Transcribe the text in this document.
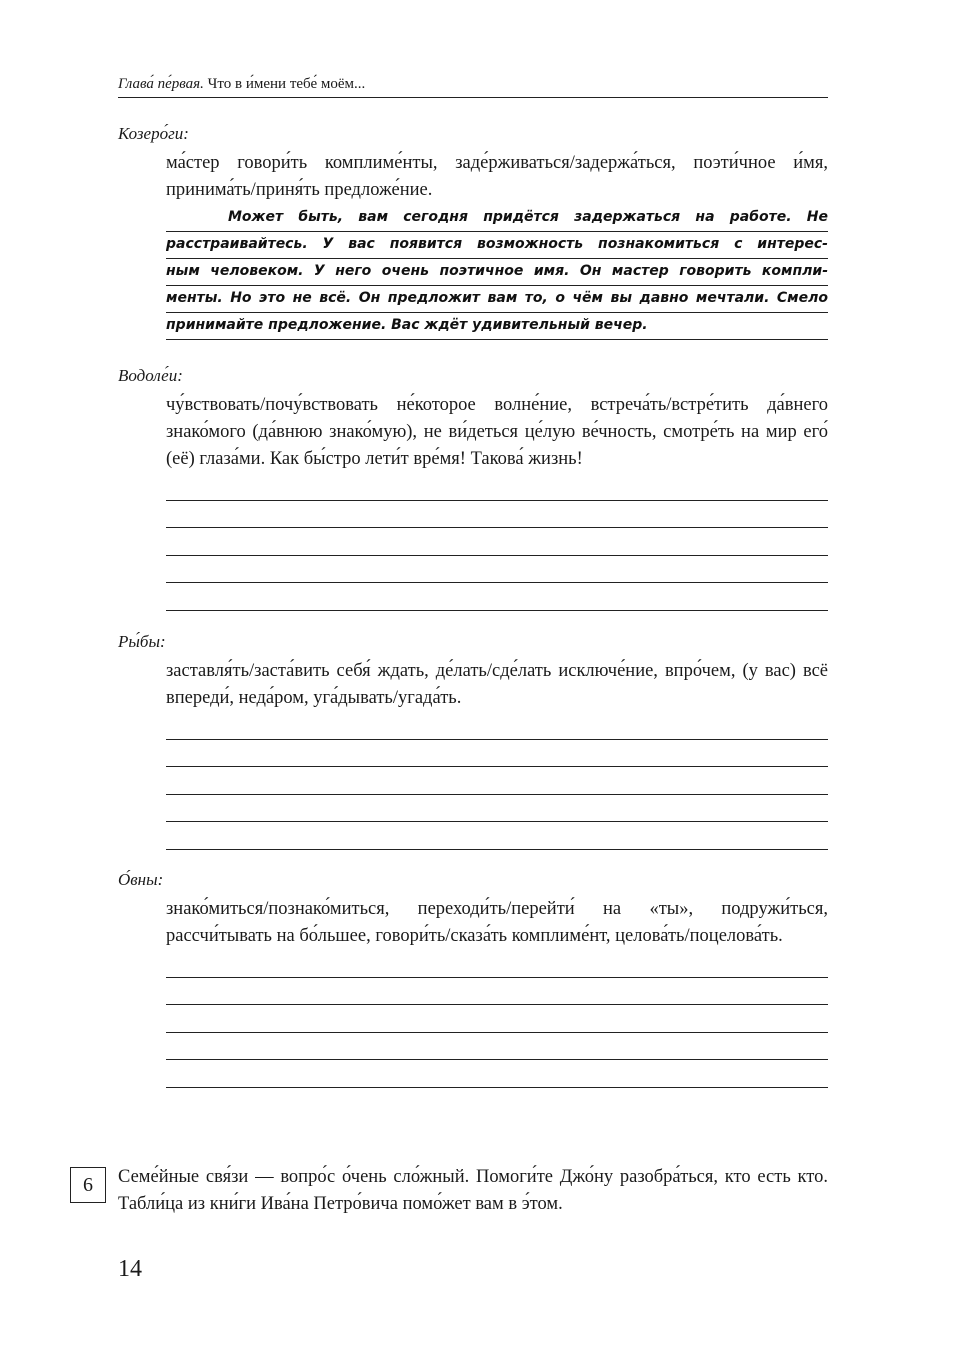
Глава́ пе́рвая. Что в и́мени тебе́ моём...
Козеро́ги:
ма́стер говори́ть комплиме́нты, заде́рживаться/задержа́ться, поэти́чное и́мя, принима́ть/приня́ть предложе́ние.
Может быть, вам сегодня придётся задержаться на работе. Не
расстраивайтесь. У вас появится возможность познакомиться с интерес-
ным человеком. У него очень поэтичное имя. Он мастер говорить компли-
менты. Но это не всё. Он предложит вам то, о чём вы давно мечтали. Смело
принимайте предложение. Вас ждёт удивительный вечер.
Водоле́и:
чу́вствовать/почу́вствовать не́которое волне́ние, встреча́ть/встре́тить да́внего знако́мого (да́внюю знако́мую), не ви́деться це́лую ве́чность, смотре́ть на мир его́ (её) глаза́ми. Как бы́стро лети́т вре́мя! Такова́ жизнь!
Ры́бы:
заставля́ть/заста́вить себя́ ждать, де́лать/сде́лать исключе́ние, впро́чем, (у вас) всё впереди́, неда́ром, уга́дывать/угада́ть.
О́вны:
знако́миться/познако́миться, переходи́ть/перейти́ на «ты», подружи́ться, рассчи́тывать на бо́льшее, говори́ть/сказа́ть комплиме́нт, целова́ть/поцелова́ть.
6	Семе́йные свя́зи — вопро́с о́чень сло́жный. Помоги́те Джо́ну разобра́ться, кто есть кто. Табли́ца из кни́ги Ива́на Петро́вича помо́жет вам в э́том.
14
